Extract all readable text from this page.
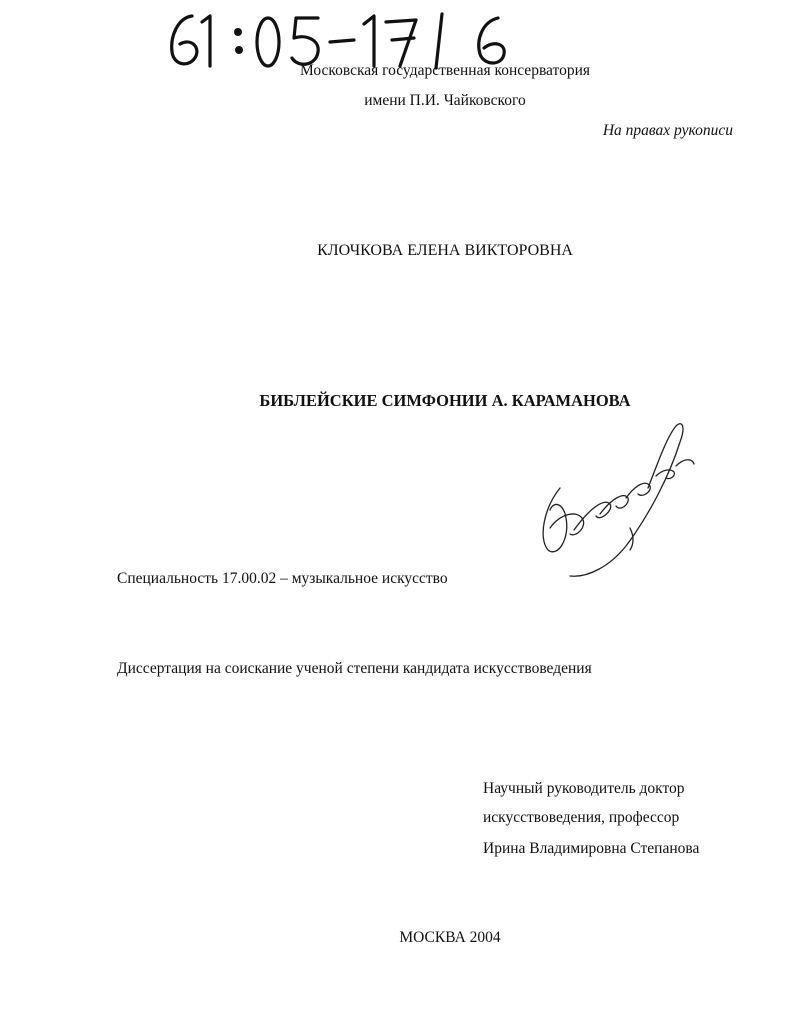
Московская государственная консерватория
имени П.И. Чайковского
На правах рукописи
КЛОЧКОВА ЕЛЕНА ВИКТОРОВНА
БИБЛЕЙСКИЕ СИМФОНИИ А. КАРАМАНОВА
Специальность 17.00.02 – музыкальное искусство
Диссертация на соискание ученой степени кандидата искусствоведения
Научный руководитель доктор
искусствоведения, профессор
Ирина Владимировна Степанова
МОСКВА 2004
